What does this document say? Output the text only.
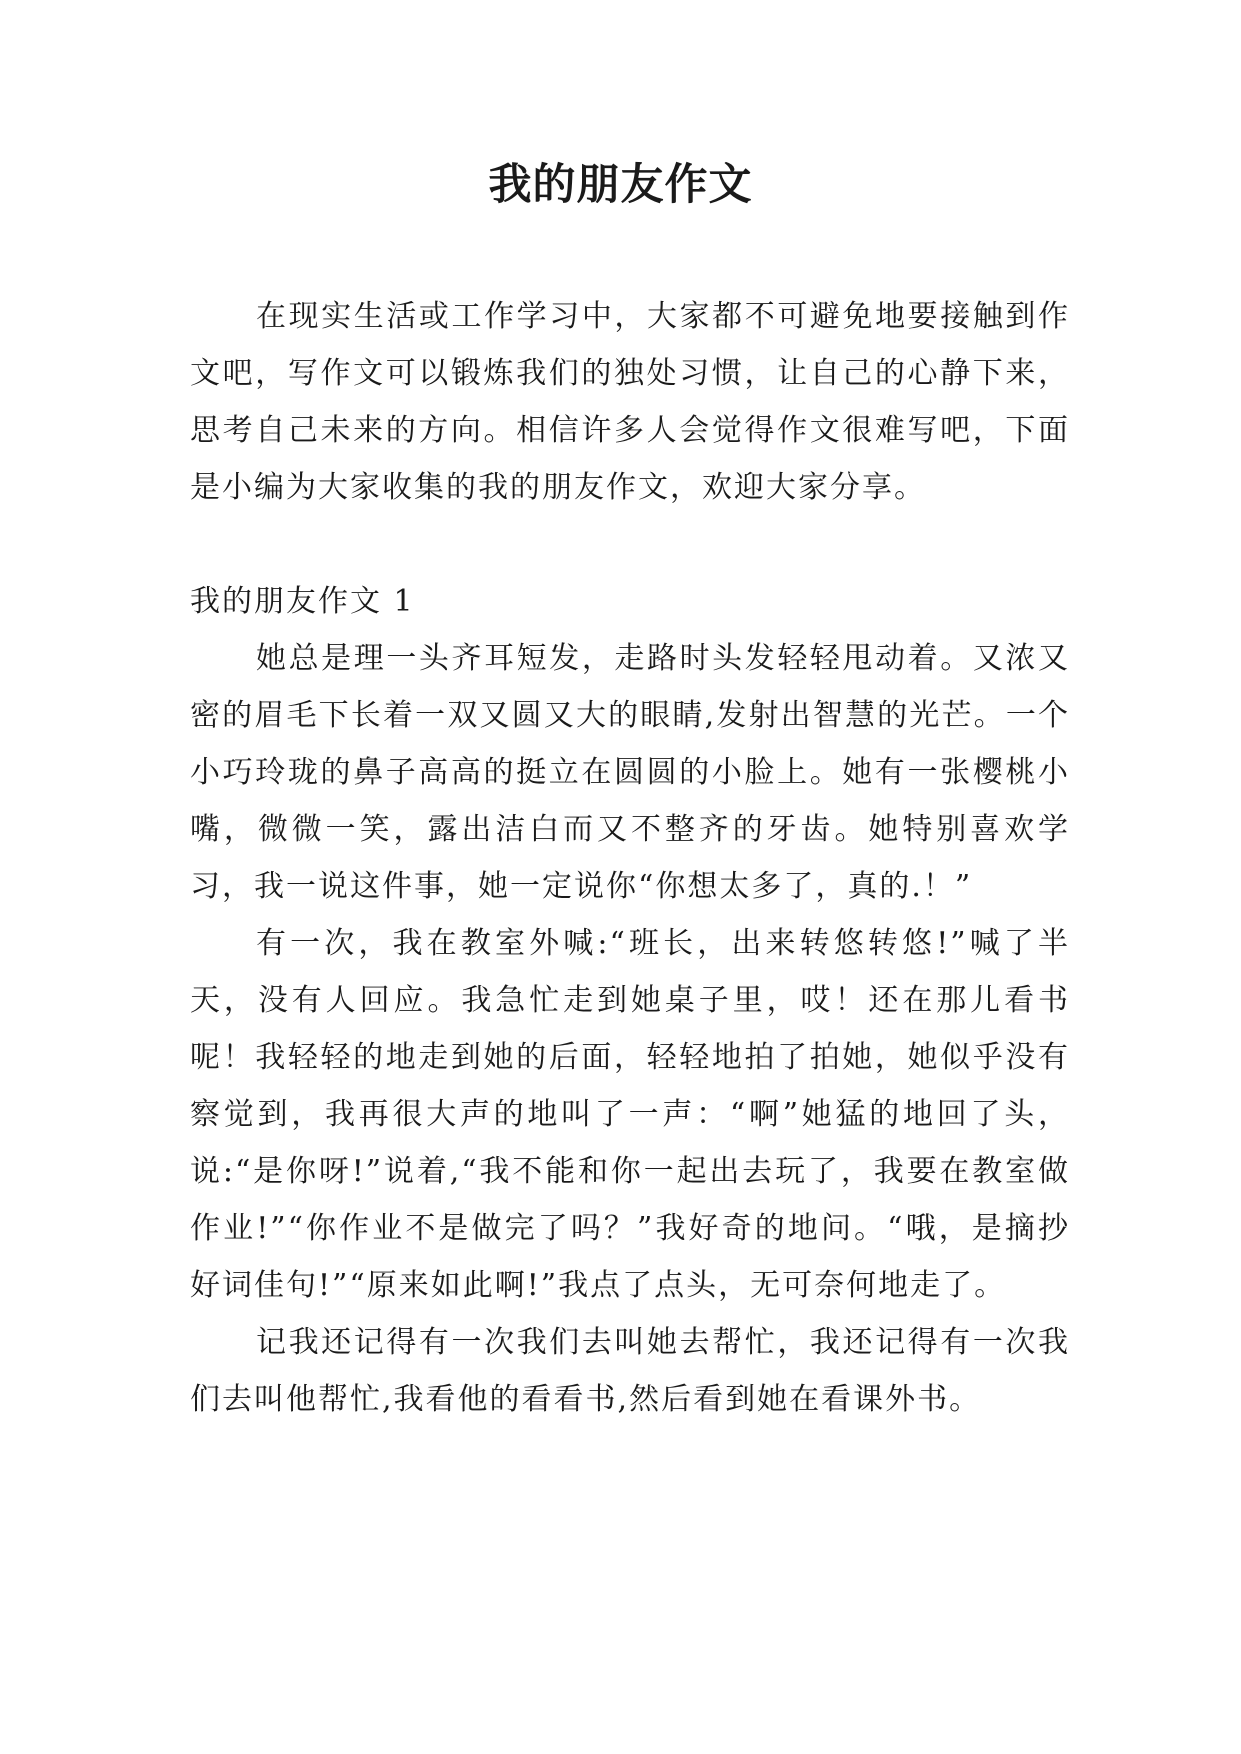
我的朋友作文

在现实生活或工作学习中，大家都不可避免地要接触到作文吧，写作文可以锻炼我们的独处习惯，让自己的心静下来，思考自己未来的方向。相信许多人会觉得作文很难写吧，下面是小编为大家收集的我的朋友作文，欢迎大家分享。

我的朋友作文 1

她总是理一头齐耳短发，走路时头发轻轻甩动着。又浓又密的眉毛下长着一双又圆又大的眼睛,发射出智慧的光芒。一个小巧玲珑的鼻子高高的挺立在圆圆的小脸上。她有一张樱桃小嘴，微微一笑，露出洁白而又不整齐的牙齿。她特别喜欢学习，我一说这件事，她一定说你“你想太多了，真的.！”

有一次，我在教室外喊:“班长，出来转悠转悠!”喊了半天，没有人回应。我急忙走到她桌子里，哎！还在那儿看书呢！我轻轻的地走到她的后面，轻轻地拍了拍她，她似乎没有察觉到，我再很大声的地叫了一声：“啊”她猛的地回了头，说:“是你呀!”说着,“我不能和你一起出去玩了，我要在教室做作业!”“你作业不是做完了吗？”我好奇的地问。“哦，是摘抄好词佳句!”“原来如此啊!”我点了点头，无可奈何地走了。

记我还记得有一次我们去叫她去帮忙，我还记得有一次我们去叫他帮忙,我看他的看看书,然后看到她在看课外书。
